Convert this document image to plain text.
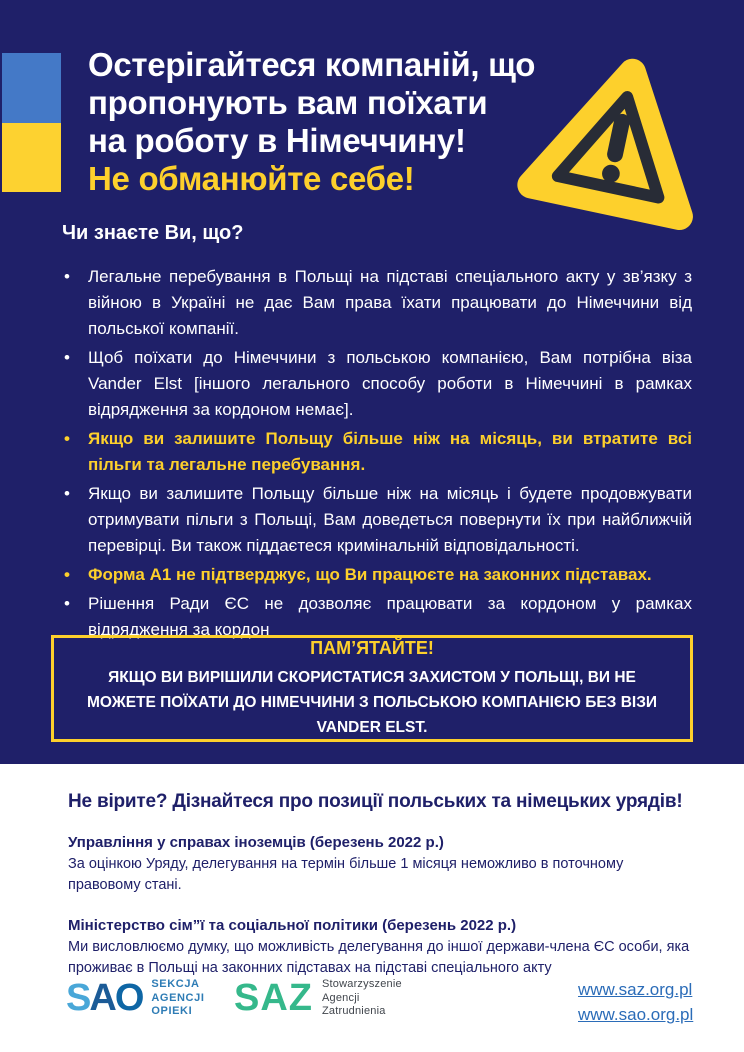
Остерігайтеся компаній, що
пропонують вам поїхати
на роботу в Німеччину!
Не обманюйте себе!
Чи знаєте Ви, що?
• Легальне перебування в Польщі на підставі спеціального акту у зв’язку з війною в Україні не дає Вам права їхати працювати до Німеччини від польської компанії.
• Щоб поїхати до Німеччини з польською компанією, Вам потрібна віза Vander Elst [іншого легального способу роботи в Німеччині в рамках відрядження за кордоном немає].
• Якщо ви залишите Польщу більше ніж на місяць, ви втратите всі пільги та легальне перебування.
• Якщо ви залишите Польщу більше ніж на місяць і будете продовжувати отримувати пільги з Польщі, Вам доведеться повернути їх при найближчій перевірці. Ви також піддаєтеся кримінальній відповідальності.
• Форма A1 не підтверджує, що Ви працюєте на законних підставах.
• Рішення Ради ЄС не дозволяє працювати за кордоном у рамках відрядження за кордон
ПАМ’ЯТАЙТЕ!
ЯКЩО ВИ ВИРІШИЛИ СКОРИСТАТИСЯ ЗАХИСТОМ У ПОЛЬЩІ, ВИ НЕ МОЖЕТЕ ПОЇХАТИ ДО НІМЕЧЧИНИ З ПОЛЬСЬКОЮ КОМПАНІЄЮ БЕЗ ВІЗИ VANDER ELST.
Не вірите? Дізнайтеся про позиції польських та німецьких урядів!
Управління у справах іноземців (березень 2022 р.)
За оцінкою Уряду, делегування на термін більше 1 місяця неможливо в поточному правовому стані.
Міністерство сім”ї та соціальної політики (березень 2022 р.)
Ми висловлюємо думку, що можливість делегування до іншої держави-члена ЄС особи, яка проживає в Польщі на законних підставах на підставі спеціального акту
SAO SEKCJA
AGENCJI
OPIEKI	SAZ Stowarzyszenie
Agencji
Zatrudnienia
www.saz.org.pl
www.sao.org.pl
